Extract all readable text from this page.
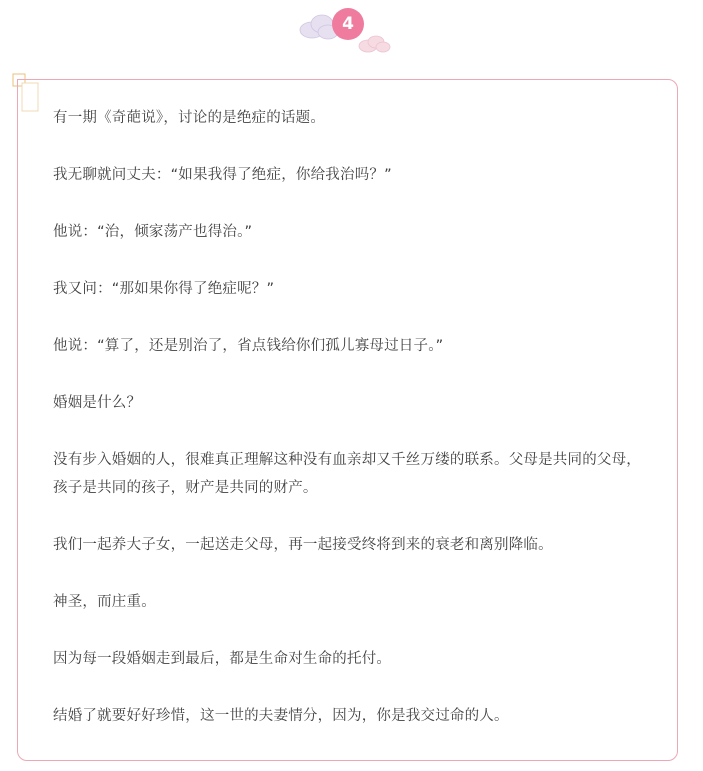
4

有一期《奇葩说》，讨论的是绝症的话题。

我无聊就问丈夫：“如果我得了绝症，你给我治吗？”

他说：“治，倾家荡产也得治。”

我又问：“那如果你得了绝症呢？”

他说：“算了，还是别治了，省点钱给你们孤儿寡母过日子。”

婚姻是什么？

没有步入婚姻的人，很难真正理解这种没有血亲却又千丝万缕的联系。父母是共同的父母，孩子是共同的孩子，财产是共同的财产。

我们一起养大子女，一起送走父母，再一起接受终将到来的衰老和离别降临。

神圣，而庄重。

因为每一段婚姻走到最后，都是生命对生命的托付。

结婚了就要好好珍惜，这一世的夫妻情分，因为，你是我交过命的人。
